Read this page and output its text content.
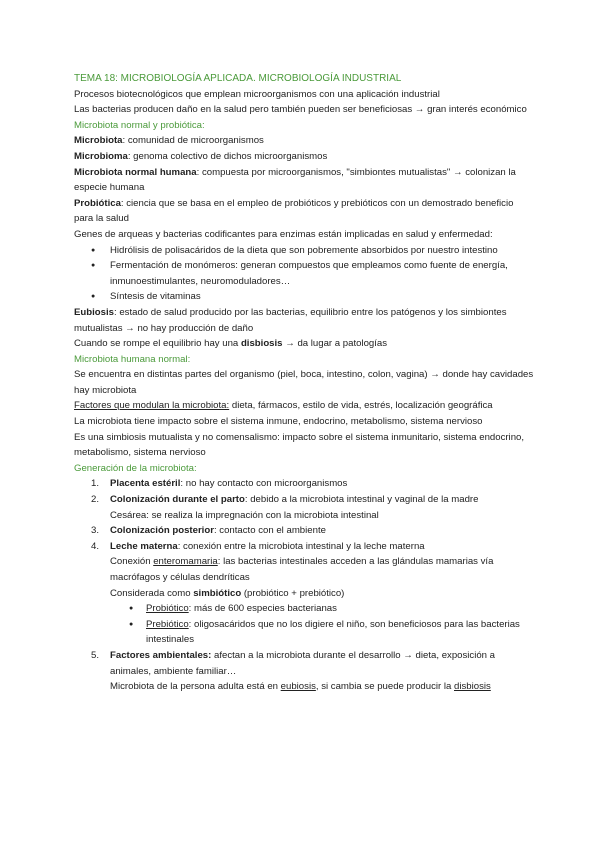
TEMA 18: MICROBIOLOGÍA APLICADA. MICROBIOLOGÍA INDUSTRIAL

Procesos biotecnológicos que emplean microorganismos con una aplicación industrial

Las bacterias producen daño en la salud pero también pueden ser beneficiosas → gran interés económico

Microbiota normal y probiótica:

Microbiota: comunidad de microorganismos

Microbioma: genoma colectivo de dichos microorganismos

Microbiota normal humana: compuesta por microorganismos, "simbiontes mutualistas" → colonizan la especie humana

Probiótica: ciencia que se basa en el empleo de probióticos y prebióticos con un demostrado beneficio para la salud

Genes de arqueas y bacterias codificantes para enzimas están implicadas en salud y enfermedad:

● Hidrólisis de polisacáridos de la dieta que son pobremente absorbidos por nuestro intestino

● Fermentación de monómeros: generan compuestos que empleamos como fuente de energía, inmunoestimulantes, neuromoduladores…

● Síntesis de vitaminas

Eubiosis: estado de salud producido por las bacterias, equilibrio entre los patógenos y los simbiontes mutualistas → no hay producción de daño

Cuando se rompe el equilibrio hay una disbiosis → da lugar a patologías

Microbiota humana normal:

Se encuentra en distintas partes del organismo (piel, boca, intestino, colon, vagina) → donde hay cavidades hay microbiota

Factores que modulan la microbiota: dieta, fármacos, estilo de vida, estrés, localización geográfica

La microbiota tiene impacto sobre el sistema inmune, endocrino, metabolismo, sistema nervioso

Es una simbiosis mutualista y no comensalismo: impacto sobre el sistema inmunitario, sistema endocrino, metabolismo, sistema nervioso

Generación de la microbiota:

1. Placenta estéril: no hay contacto con microorganismos

2. Colonización durante el parto: debido a la microbiota intestinal y vaginal de la madre

Cesárea: se realiza la impregnación con la microbiota intestinal

3. Colonización posterior: contacto con el ambiente

4. Leche materna: conexión entre la microbiota intestinal y la leche materna

Conexión enteromamaria: las bacterias intestinales acceden a las glándulas mamarias vía macrófagos y células dendríticas

Considerada como simbiótico (probiótico + prebiótico)

● Probiótico: más de 600 especies bacterianas

● Prebiótico: oligosacáridos que no los digiere el niño, son beneficiosos para las bacterias intestinales

5. Factores ambientales: afectan a la microbiota durante el desarrollo → dieta, exposición a animales, ambiente familiar…

Microbiota de la persona adulta está en eubiosis, si cambia se puede producir la disbiosis
